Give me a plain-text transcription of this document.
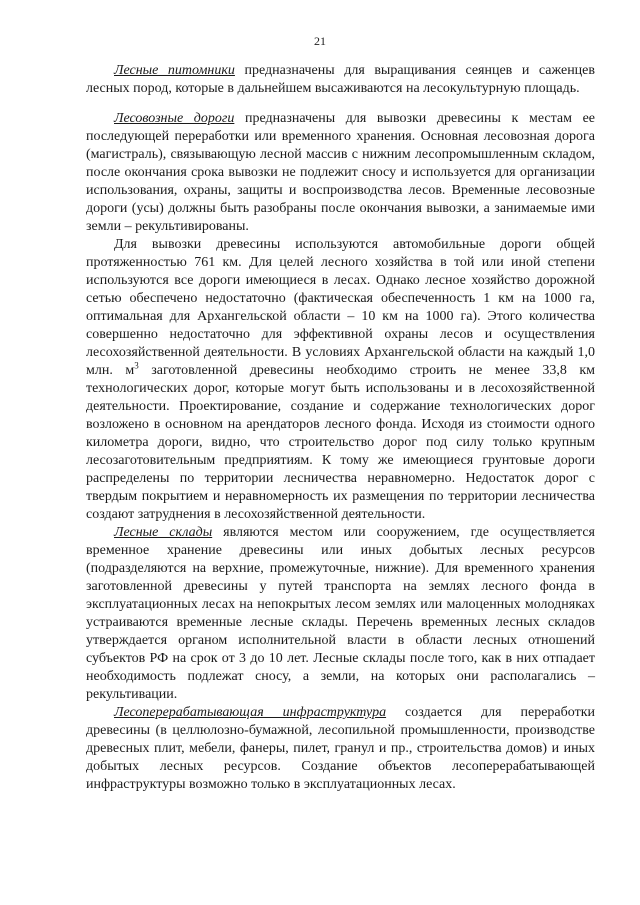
21

Лесные питомники предназначены для выращивания сеянцев и саженцев лесных пород, которые в дальнейшем высаживаются на лесокультурную площадь.

Лесовозные дороги предназначены для вывозки древесины к местам ее последующей переработки или временного хранения. Основная лесовозная дорога (магистраль), связывающую лесной массив с нижним лесопромышленным складом, после окончания срока вывозки не подлежит сносу и используется для организации использования, охраны, защиты и воспроизводства лесов. Временные лесовозные дороги (усы) должны быть разобраны после окончания вывозки, а занимаемые ими земли – рекультивированы.

Для вывозки древесины используются автомобильные дороги общей протяженностью 761 км. Для целей лесного хозяйства в той или иной степени используются все дороги имеющиеся в лесах. Однако лесное хозяйство дорожной сетью обеспечено недостаточно (фактическая обеспеченность 1 км на 1000 га, оптимальная для Архангельской области – 10 км на 1000 га). Этого количества совершенно недостаточно для эффективной охраны лесов и осуществления лесохозяйственной деятельности. В условиях Архангельской области на каждый 1,0 млн. $м^3$ заготовленной древесины необходимо строить не менее 33,8 км технологических дорог, которые могут быть использованы и в лесохозяйственной деятельности. Проектирование, создание и содержание технологических дорог возложено в основном на арендаторов лесного фонда. Исходя из стоимости одного километра дороги, видно, что строительство дорог под силу только крупным лесозаготовительным предприятиям. К тому же имеющиеся грунтовые дороги распределены по территории лесничества неравномерно. Недостаток дорог с твердым покрытием и неравномерность их размещения по территории лесничества создают затруднения в лесохозяйственной деятельности.

Лесные склады являются местом или сооружением, где осуществляется временное хранение древесины или иных добытых лесных ресурсов (подразделяются на верхние, промежуточные, нижние). Для временного хранения заготовленной древесины у путей транспорта на землях лесного фонда в эксплуатационных лесах на непокрытых лесом землях или малоценных молодняках устраиваются временные лесные склады. Перечень временных лесных складов утверждается органом исполнительной власти в области лесных отношений субъектов РФ на срок от 3 до 10 лет. Лесные склады после того, как в них отпадает необходимость подлежат сносу, а земли, на которых они располагались – рекультивации.

Лесоперерабатывающая инфраструктура создается для переработки древесины (в целлюлозно-бумажной, лесопильной промышленности, производстве древесных плит, мебели, фанеры, пилет, гранул и пр., строительства домов) и иных добытых лесных ресурсов. Создание объектов лесоперерабатывающей инфраструктуры возможно только в эксплуатационных лесах.
